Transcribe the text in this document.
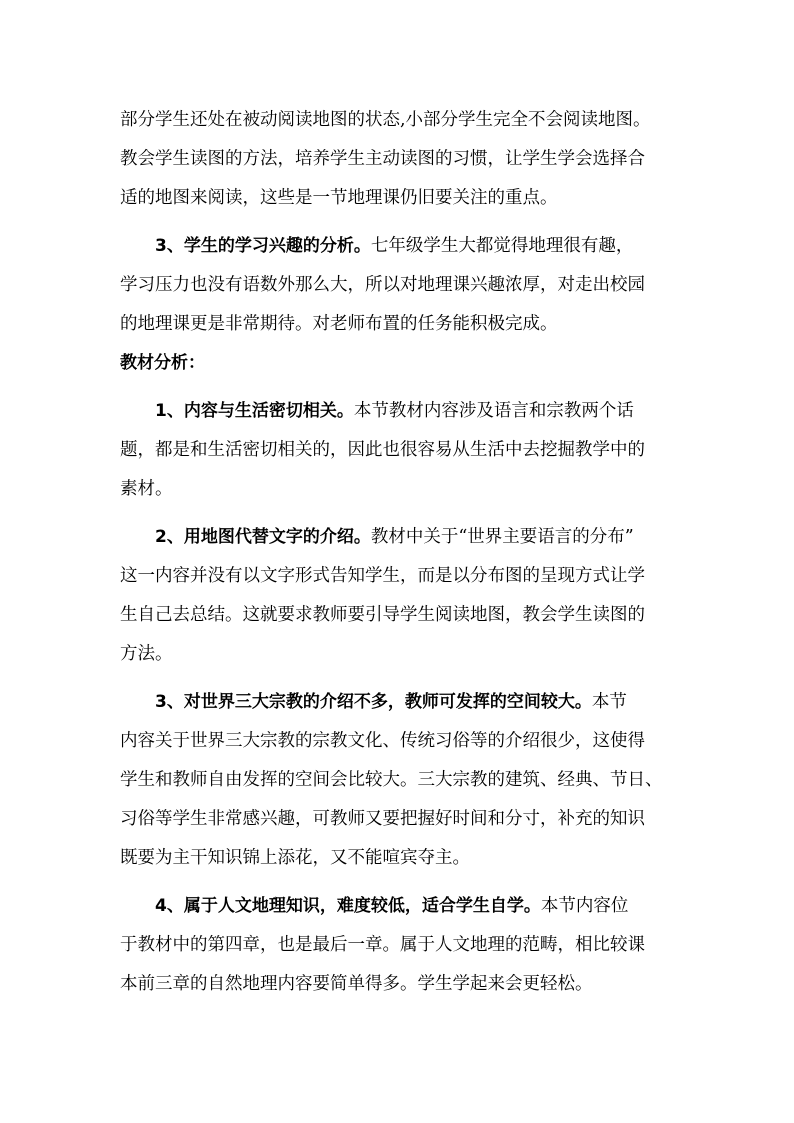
部分学生还处在被动阅读地图的状态,小部分学生完全不会阅读地图。
教会学生读图的方法，培养学生主动读图的习惯，让学生学会选择合
适的地图来阅读，这些是一节地理课仍旧要关注的重点。
3、学生的学习兴趣的分析。七年级学生大都觉得地理很有趣，
学习压力也没有语数外那么大，所以对地理课兴趣浓厚，对走出校园
的地理课更是非常期待。对老师布置的任务能积极完成。
教材分析：
1、内容与生活密切相关。本节教材内容涉及语言和宗教两个话
题，都是和生活密切相关的，因此也很容易从生活中去挖掘教学中的
素材。
2、用地图代替文字的介绍。教材中关于“世界主要语言的分布”
这一内容并没有以文字形式告知学生，而是以分布图的呈现方式让学
生自己去总结。这就要求教师要引导学生阅读地图，教会学生读图的
方法。
3、对世界三大宗教的介绍不多，教师可发挥的空间较大。本节
内容关于世界三大宗教的宗教文化、传统习俗等的介绍很少，这使得
学生和教师自由发挥的空间会比较大。三大宗教的建筑、经典、节日、
习俗等学生非常感兴趣，可教师又要把握好时间和分寸，补充的知识
既要为主干知识锦上添花，又不能喧宾夺主。
4、属于人文地理知识，难度较低，适合学生自学。本节内容位
于教材中的第四章，也是最后一章。属于人文地理的范畴，相比较课
本前三章的自然地理内容要简单得多。学生学起来会更轻松。
